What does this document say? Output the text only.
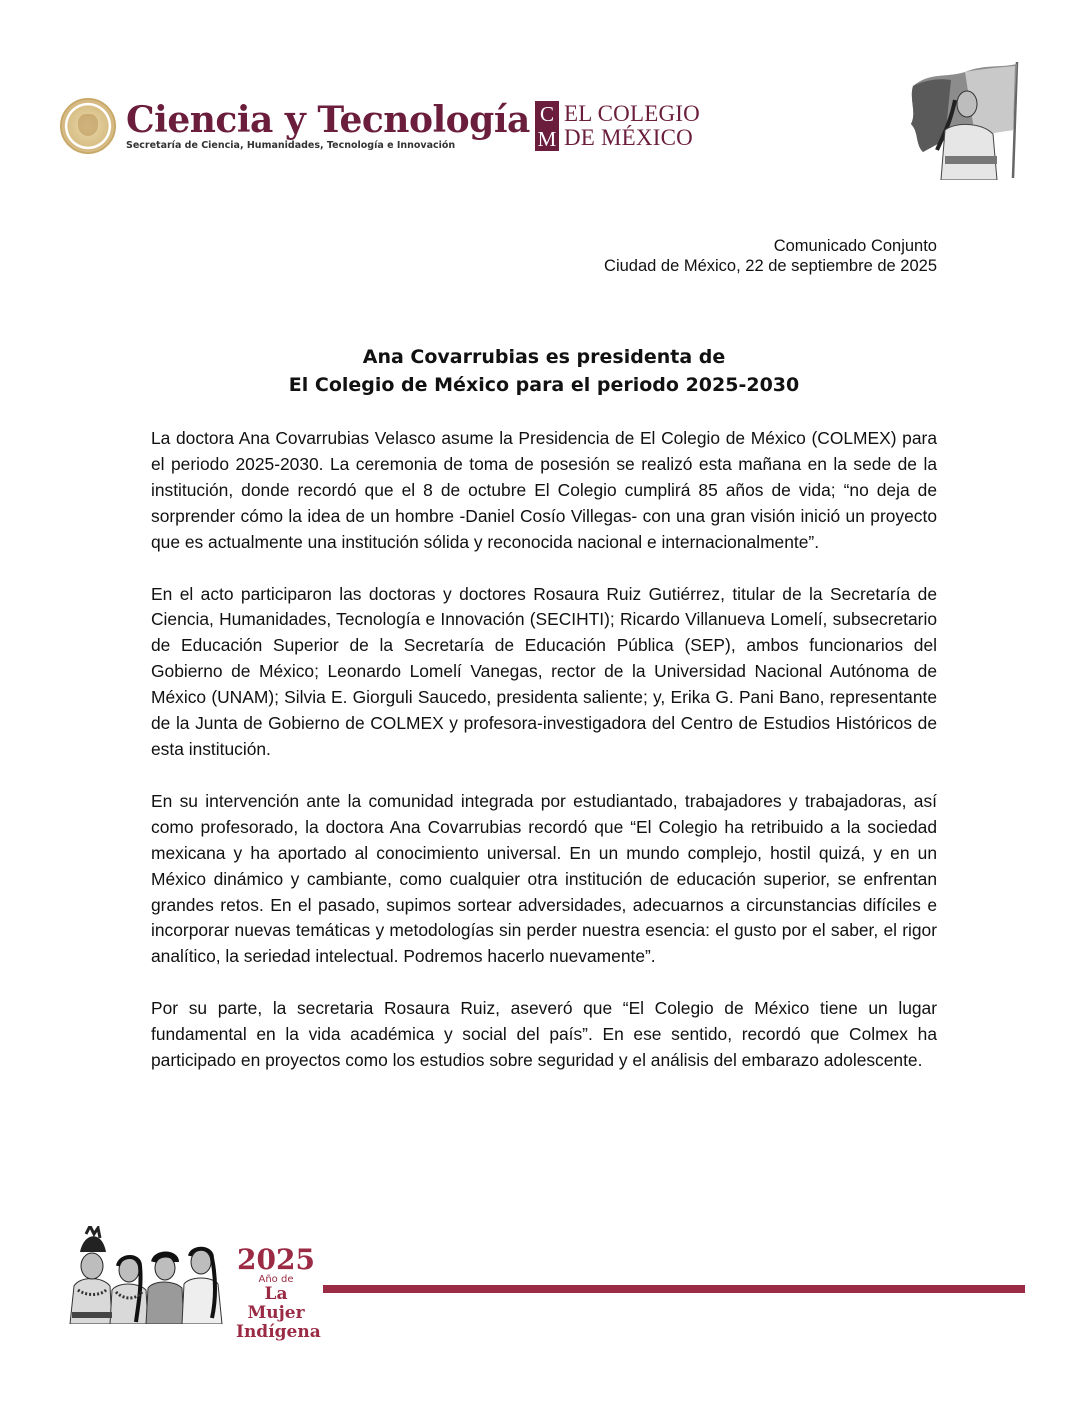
Ciencia y Tecnología
Secretaría de Ciencia, Humanidades, Tecnología e Innovación
C
M
EL COLEGIO
DE MÉXICO
Comunicado Conjunto
Ciudad de México, 22 de septiembre de 2025
Ana Covarrubias es presidenta de
El Colegio de México para el periodo 2025-2030

La doctora Ana Covarrubias Velasco asume la Presidencia de El Colegio de México (COLMEX) para el periodo 2025-2030. La ceremonia de toma de posesión se realizó esta mañana en la sede de la institución, donde recordó que el 8 de octubre El Colegio cumplirá 85 años de vida; “no deja de sorprender cómo la idea de un hombre -Daniel Cosío Villegas- con una gran visión inició un proyecto que es actualmente una institución sólida y reconocida nacional e internacionalmente”.

En el acto participaron las doctoras y doctores Rosaura Ruiz Gutiérrez, titular de la Secretaría de Ciencia, Humanidades, Tecnología e Innovación (SECIHTI); Ricardo Villanueva Lomelí, subsecretario de Educación Superior de la Secretaría de Educación Pública (SEP), ambos funcionarios del Gobierno de México; Leonardo Lomelí Vanegas, rector de la Universidad Nacional Autónoma de México (UNAM); Silvia E. Giorguli Saucedo, presidenta saliente; y, Erika G. Pani Bano, representante de la Junta de Gobierno de COLMEX y profesora-investigadora del Centro de Estudios Históricos de esta institución.

En su intervención ante la comunidad integrada por estudiantado, trabajadores y trabajadoras, así como profesorado, la doctora Ana Covarrubias recordó que “El Colegio ha retribuido a la sociedad mexicana y ha aportado al conocimiento universal. En un mundo complejo, hostil quizá, y en un México dinámico y cambiante, como cualquier otra institución de educación superior, se enfrentan grandes retos. En el pasado, supimos sortear adversidades, adecuarnos a circunstancias difíciles e incorporar nuevas temáticas y metodologías sin perder nuestra esencia: el gusto por el saber, el rigor analítico, la seriedad intelectual. Podremos hacerlo nuevamente”.

Por su parte, la secretaria Rosaura Ruiz, aseveró que “El Colegio de México tiene un lugar fundamental en la vida académica y social del país”. En ese sentido, recordó que Colmex ha participado en proyectos como los estudios sobre seguridad y el análisis del embarazo adolescente.

2025
Año de
La Mujer
Indígena
